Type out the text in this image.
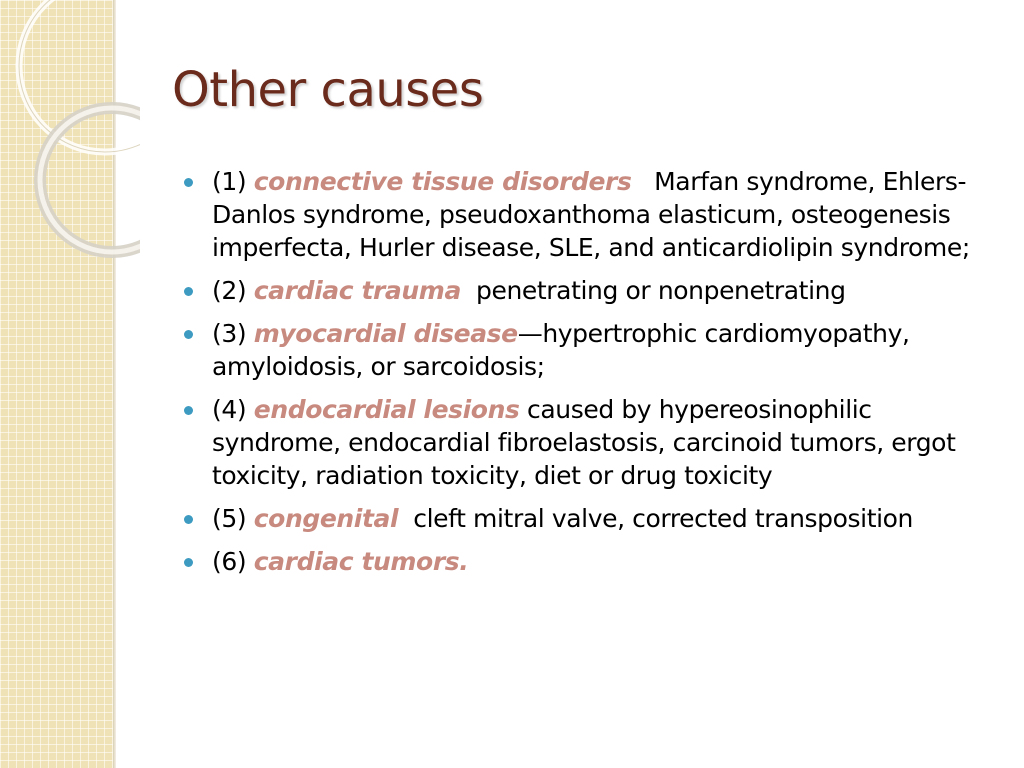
Other causes
(1) connective tissue disorders   Marfan syndrome, Ehlers-Danlos syndrome, pseudoxanthoma elasticum, osteogenesis imperfecta, Hurler disease, SLE, and anticardiolipin syndrome;
(2) cardiac trauma  penetrating or nonpenetrating
(3) myocardial disease—hypertrophic cardiomyopathy, amyloidosis, or sarcoidosis;
(4) endocardial lesions caused by hypereosinophilic syndrome, endocardial fibroelastosis, carcinoid tumors, ergot toxicity, radiation toxicity, diet or drug toxicity
(5) congenital  cleft mitral valve, corrected transposition
(6) cardiac tumors.
